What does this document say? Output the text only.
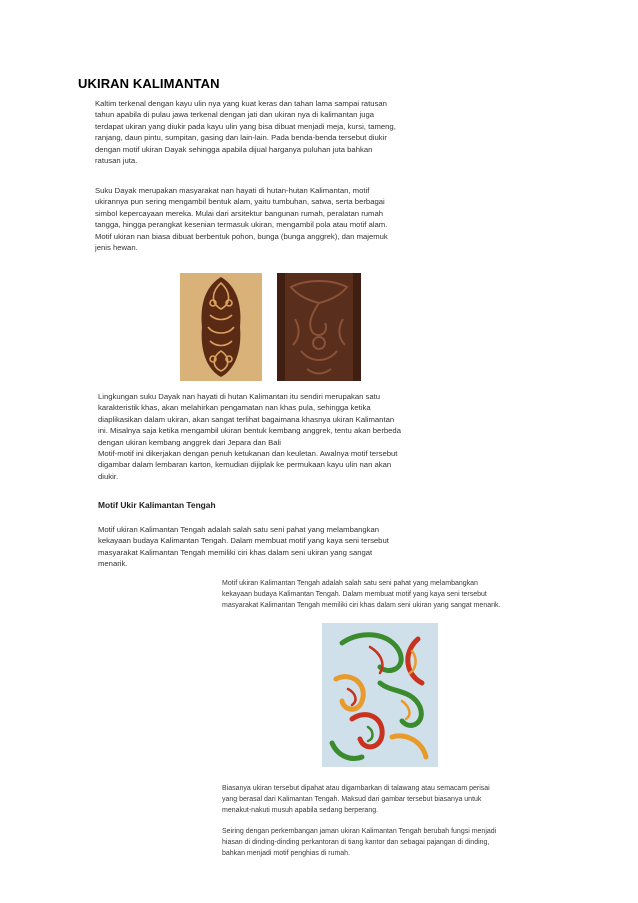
UKIRAN KALIMANTAN

Kaltim terkenal dengan kayu ulin nya yang kuat keras dan tahan lama sampai ratusan
tahun apabila di pulau jawa terkenal dengan jati dan ukiran nya di kalimantan juga
terdapat ukiran yang diukir pada kayu ulin yang bisa dibuat menjadi meja, kursi, tameng,
ranjang, daun pintu, sumpitan, gasing dan lain-lain. Pada benda-benda tersebut diukir
dengan motif ukiran Dayak sehingga apabila dijual harganya puluhan juta bahkan
ratusan juta.

Suku Dayak merupakan masyarakat nan hayati di hutan-hutan Kalimantan, motif
ukirannya pun sering mengambil bentuk alam, yaitu tumbuhan, satwa, serta berbagai
simbol kepercayaan mereka. Mulai dari arsitektur bangunan rumah, peralatan rumah
tangga, hingga perangkat kesenian termasuk ukiran, mengambil pola atau motif alam.
Motif ukiran nan biasa dibuat berbentuk pohon, bunga (bunga anggrek), dan majemuk
jenis hewan.

Lingkungan suku Dayak nan hayati di hutan Kalimantan itu sendiri merupakan satu
karakteristik khas, akan melahirkan pengamatan nan khas pula, sehingga ketika
diaplikasikan dalam ukiran, akan sangat terlihat bagaimana khasnya ukiran Kalimantan
ini. Misalnya saja ketika mengambil ukiran bentuk kembang anggrek, tentu akan berbeda
dengan ukiran kembang anggrek dari Jepara dan Bali

Motif-motif ini dikerjakan dengan penuh ketukanan dan keuletan. Awalnya motif tersebut
digambar dalam lembaran karton, kemudian dijiplak ke permukaan kayu ulin nan akan
diukir.

Motif Ukir Kalimantan Tengah

Motif ukiran Kalimantan Tengah adalah salah satu seni pahat yang melambangkan
kekayaan budaya Kalimantan Tengah. Dalam membuat motif yang kaya seni tersebut
masyarakat Kalimantan Tengah memiliki ciri khas dalam seni ukiran yang sangat
menarik.

Motif ukiran Kalimantan Tengah adalah salah satu seni pahat yang melambangkan
kekayaan budaya Kalimantan Tengah. Dalam membuat motif yang kaya seni tersebut
masyarakat Kalimantan Tengah memiliki ciri khas dalam seni ukiran yang sangat menarik.

Biasanya ukiran tersebut dipahat atau digambarkan di talawang atau semacam perisai
yang berasal dari Kalimantan Tengah. Maksud dari gambar tersebut biasanya untuk
menakut-nakuti musuh apabila sedang berperang.

Seiring dengan perkembangan jaman ukiran Kalimantan Tengah berubah fungsi menjadi
hiasan di dinding-dinding perkantoran di tiang kantor dan sebagai pajangan di dinding,
bahkan menjadi motif penghias di rumah.
